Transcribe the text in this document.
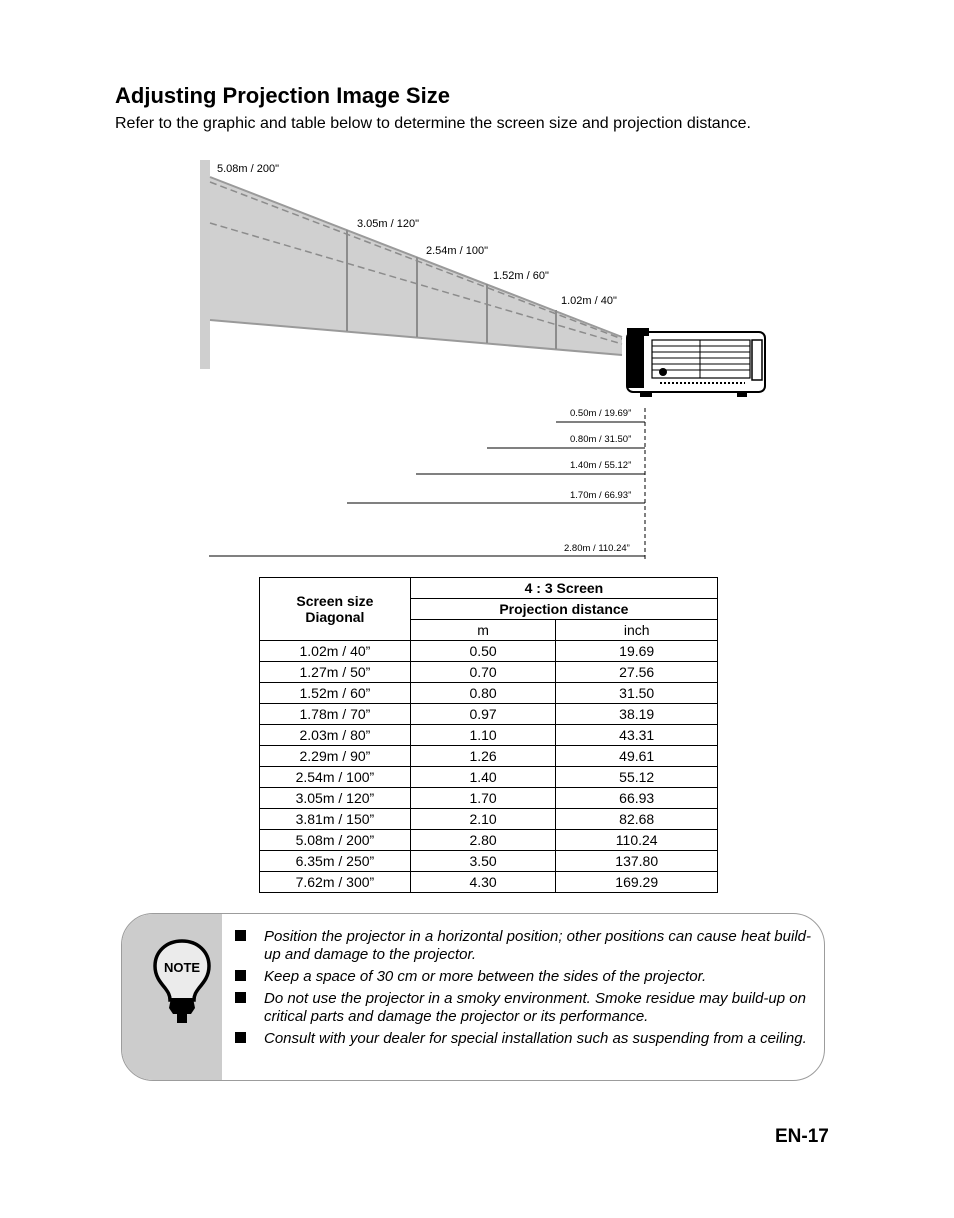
Adjusting Projection Image Size

Refer to the graphic and table below to determine the screen size and projection distance.

5.08m / 200"
3.05m / 120"
2.54m / 100"
1.52m / 60"
1.02m / 40"
0.50m / 19.69”
0.80m / 31.50”
1.40m / 55.12”
1.70m / 66.93”
2.80m / 110.24”
Screen size Diagonal	4 : 3 Screen	
	Projection distance	
	m	inch
1.02m / 40”	0.50	19.69
1.27m / 50”	0.70	27.56
1.52m / 60”	0.80	31.50
1.78m / 70”	0.97	38.19
2.03m / 80”	1.10	43.31
2.29m / 90”	1.26	49.61
2.54m / 100”	1.40	55.12
3.05m / 120”	1.70	66.93
3.81m / 150”	2.10	82.68
5.08m / 200”	2.80	110.24
6.35m / 250”	3.50	137.80
7.62m / 300”	4.30	169.29
NOTE
Position the projector in a horizontal position; other positions can cause heat build-up and damage to the projector.
Keep a space of 30 cm or more between the sides of the projector.
Do not use the projector in a smoky environment. Smoke residue may build-up on critical parts and damage the projector or its performance.
Consult with your dealer for special installation such as suspending from a ceiling.
EN-17
